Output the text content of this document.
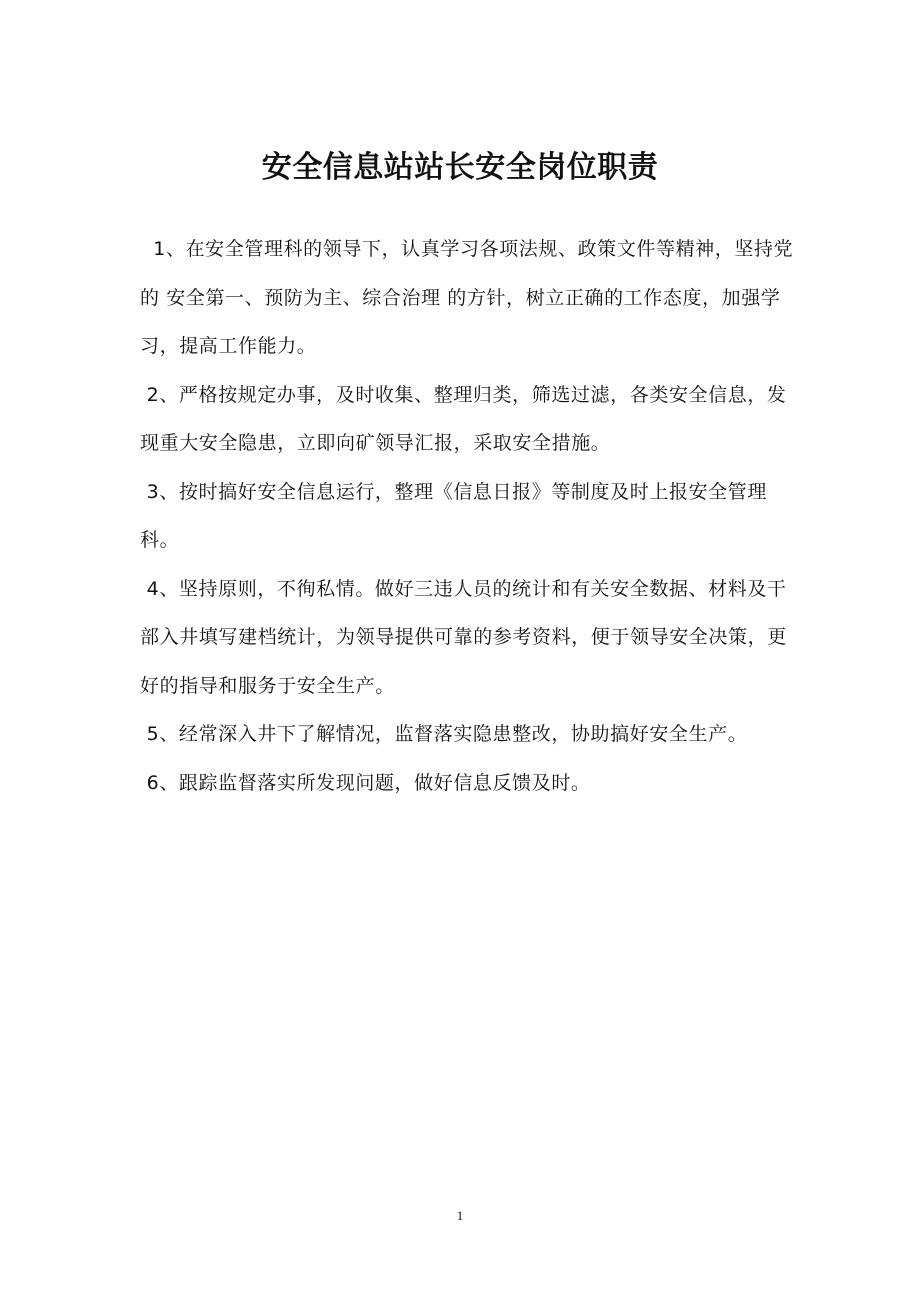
安全信息站站长安全岗位职责

1、在安全管理科的领导下，认真学习各项法规、政策文件等精神，坚持党的 安全第一、预防为主、综合治理 的方针，树立正确的工作态度，加强学习，提高工作能力。

2、严格按规定办事，及时收集、整理归类，筛选过滤，各类安全信息，发现重大安全隐患，立即向矿领导汇报，采取安全措施。

3、按时搞好安全信息运行，整理《信息日报》等制度及时上报安全管理科。

4、坚持原则，不徇私情。做好三违人员的统计和有关安全数据、材料及干部入井填写建档统计，为领导提供可靠的参考资料，便于领导安全决策，更好的指导和服务于安全生产。

5、经常深入井下了解情况，监督落实隐患整改，协助搞好安全生产。

6、跟踪监督落实所发现问题，做好信息反馈及时。

1
